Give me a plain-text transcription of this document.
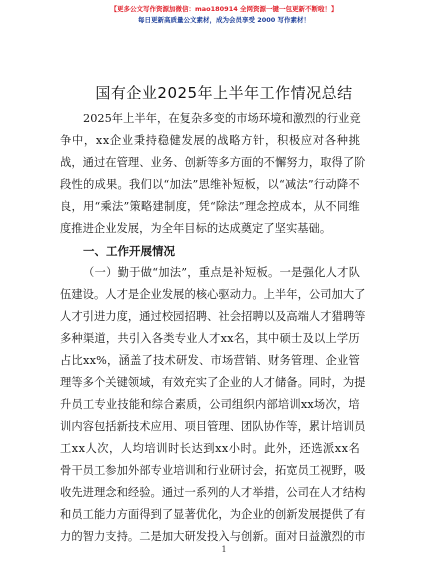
【更多公文写作资源加微信：mao180914 全网资源一键一包更新不断啦！】
每日更新高质量公文素材，成为会员享受 2000 写作素材！
国有企业2025年上半年工作情况总结
2 0 2 5 年 上 半 年 ， 在 复 杂 多 变 的 市 场 环 境 和 激 烈 的 行 业 竞
争 中 ， x x 企 业 秉 持 稳 健 发 展 的 战 略 方 针 ， 积 极 应 对 各 种 挑
战 ， 通 过 在 管 理 、 业 务 、 创 新 等 多 方 面 的 不 懈 努 力 ， 取 得 了 阶
段 性 的 成 果 。 我 们 以 “ 加 法 ” 思 维 补 短 板 ， 以 “ 减 法 ” 行 动 降 不
良 ， 用 “ 乘 法 ” 策 略 建 制 度 ， 凭 “ 除 法 ” 理 念 控 成 本 ， 从 不 同 维
度推进企业发展，为全年目标的达成奠定了坚实基础。
一、工作开展情况
（ 一 ） 勤 于 做 “ 加 法 ” ， 重 点 是 补 短 板 。 一 是 强 化 人 才 队
伍 建 设 。 人 才 是 企 业 发 展 的 核 心 驱 动 力 。 上 半 年 ， 公 司 加 大 了
人 才 引 进 力 度 ， 通 过 校 园 招 聘 、 社 会 招 聘 以 及 高 端 人 才 猎 聘 等
多 种 渠 道 ， 共 引 入 各 类 专 业 人 才 x x 名 ， 其 中 硕 士 及 以 上 学 历
占 比 x x % ， 涵 盖 了 技 术 研 发 、 市 场 营 销 、 财 务 管 理 、 企 业 管
理 等 多 个 关 键 领 域 ， 有 效 充 实 了 企 业 的 人 才 储 备 。 同 时 ， 为 提
升 员 工 专 业 技 能 和 综 合 素 质 ， 公 司 组 织 内 部 培 训 x x 场 次 ， 培
训 内 容 包 括 新 技 术 应 用 、 项 目 管 理 、 团 队 协 作 等 ， 累 计 培 训 员
工 x x 人 次 ， 人 均 培 训 时 长 达 到 x x 小 时 。 此 外 ， 还 选 派 x x 名
骨 干 员 工 参 加 外 部 专 业 培 训 和 行 业 研 讨 会 ， 拓 宽 员 工 视 野 ， 吸
收 先 进 理 念 和 经 验 。 通 过 一 系 列 的 人 才 举 措 ， 公 司 在 人 才 结 构
和 员 工 能 力 方 面 得 到 了 显 著 优 化 ， 为 企 业 的 创 新 发 展 提 供 了 有
力 的 智 力 支 持 。 二 是 加 大 研 发 投 入 与 创 新 。 面 对 日 益 激 烈 的 市
1
